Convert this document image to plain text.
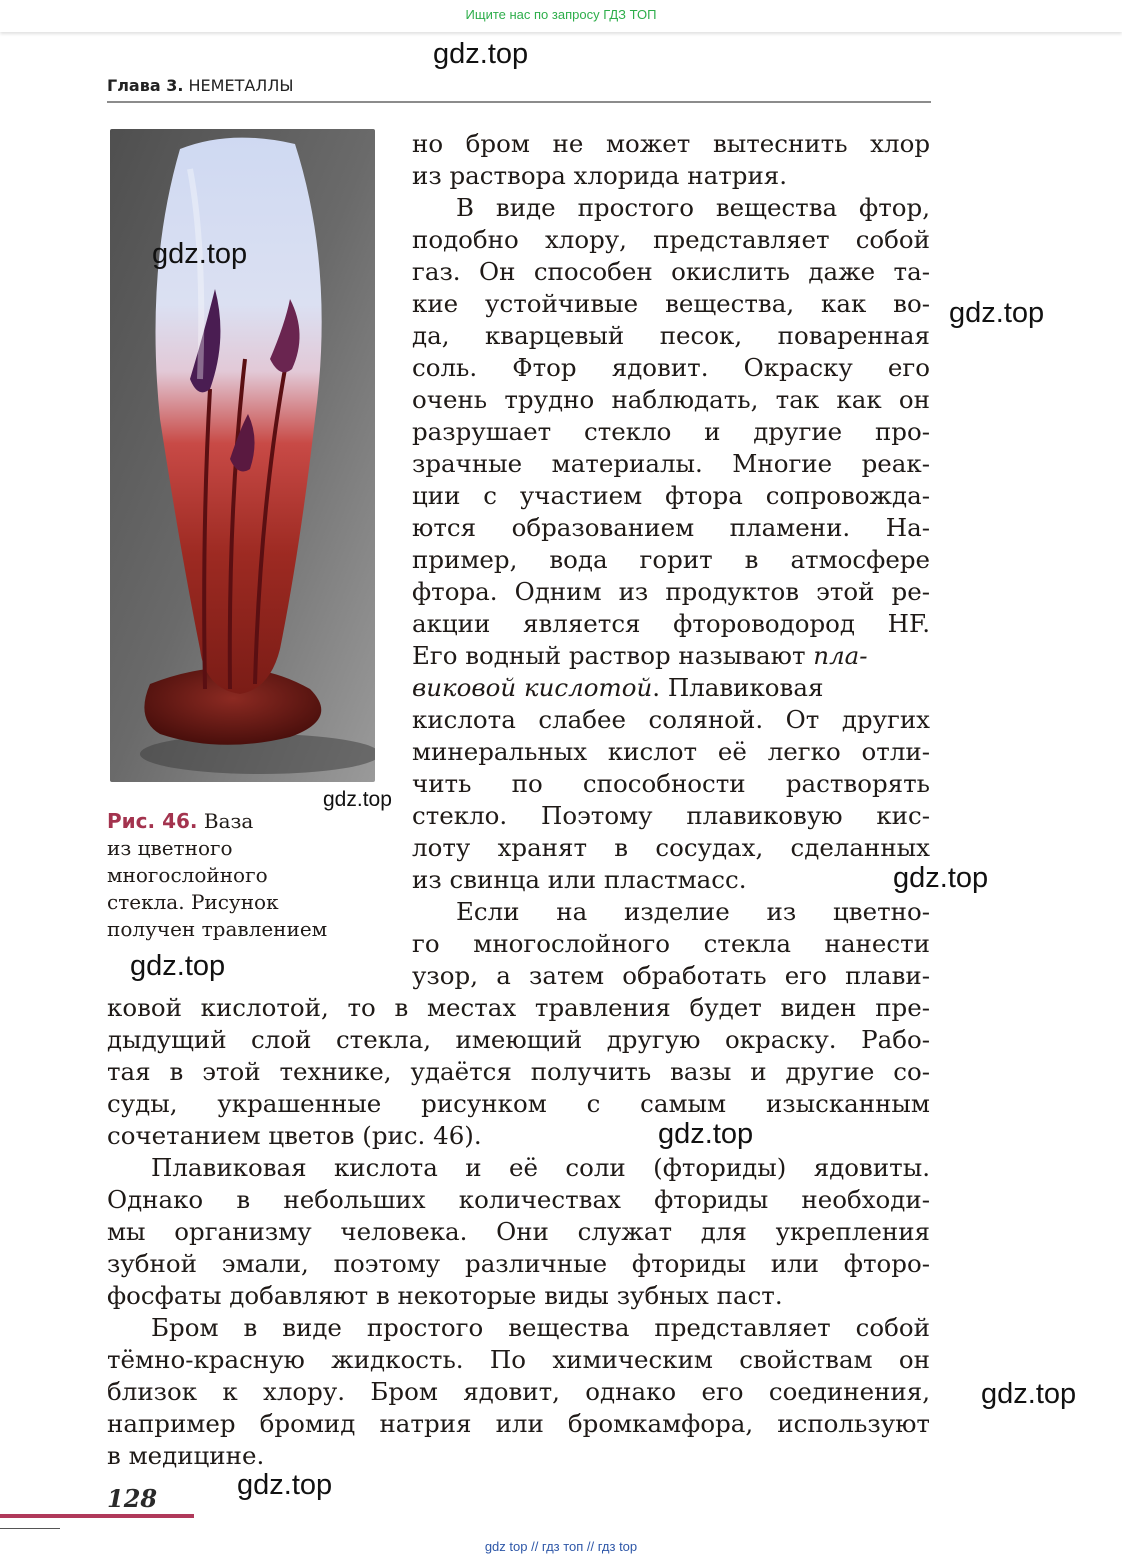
Ищите нас по запросу ГДЗ ТОП
gdz.top
gdz.top
gdz.top
gdz.top
gdz.top
gdz.top
gdz.top
gdz.top
gdz.top
Глава 3. НЕМЕТАЛЛЫ
Рис. 46. Ваза
из цветного
многослойного
стекла. Рисунок
получен травлением
но бром не может вытеснить хлор
из раствора хлорида натрия.
В виде простого вещества фтор,
подобно хлору, представляет собой
газ. Он способен окислить даже та-
кие устойчивые вещества, как во-
да, кварцевый песок, поваренная
соль. Фтор ядовит. Окраску его
очень трудно наблюдать, так как он
разрушает стекло и другие про-
зрачные материалы. Многие реак-
ции с участием фтора сопровожда-
ются образованием пламени. На-
пример, вода горит в атмосфере
фтора. Одним из продуктов этой ре-
акции является фтороводород HF.
Его водный раствор называют пла-
виковой кислотой. Плавиковая
кислота слабее соляной. От других
минеральных кислот её легко отли-
чить по способности растворять
стекло. Поэтому плавиковую кис-
лоту хранят в сосудах, сделанных
из свинца или пластмасс.
Если на изделие из цветно-
го многослойного стекла нанести
узор, а затем обработать его плави-
ковой кислотой, то в местах травления будет виден пре-
дыдущий слой стекла, имеющий другую окраску. Рабо-
тая в этой технике, удаётся получить вазы и другие со-
суды, украшенные рисунком с самым изысканным
сочетанием цветов (рис. 46).
Плавиковая кислота и её соли (фториды) ядовиты.
Однако в небольших количествах фториды необходи-
мы организму человека. Они служат для укрепления
зубной эмали, поэтому различные фториды или фторо-
фосфаты добавляют в некоторые виды зубных паст.
Бром в виде простого вещества представляет собой
тёмно-красную жидкость. По химическим свойствам он
близок к хлору. Бром ядовит, однако его соединения,
например бромид натрия или бромкамфора, используют
в медицине.
128
gdz top // гдз топ // гдз top
